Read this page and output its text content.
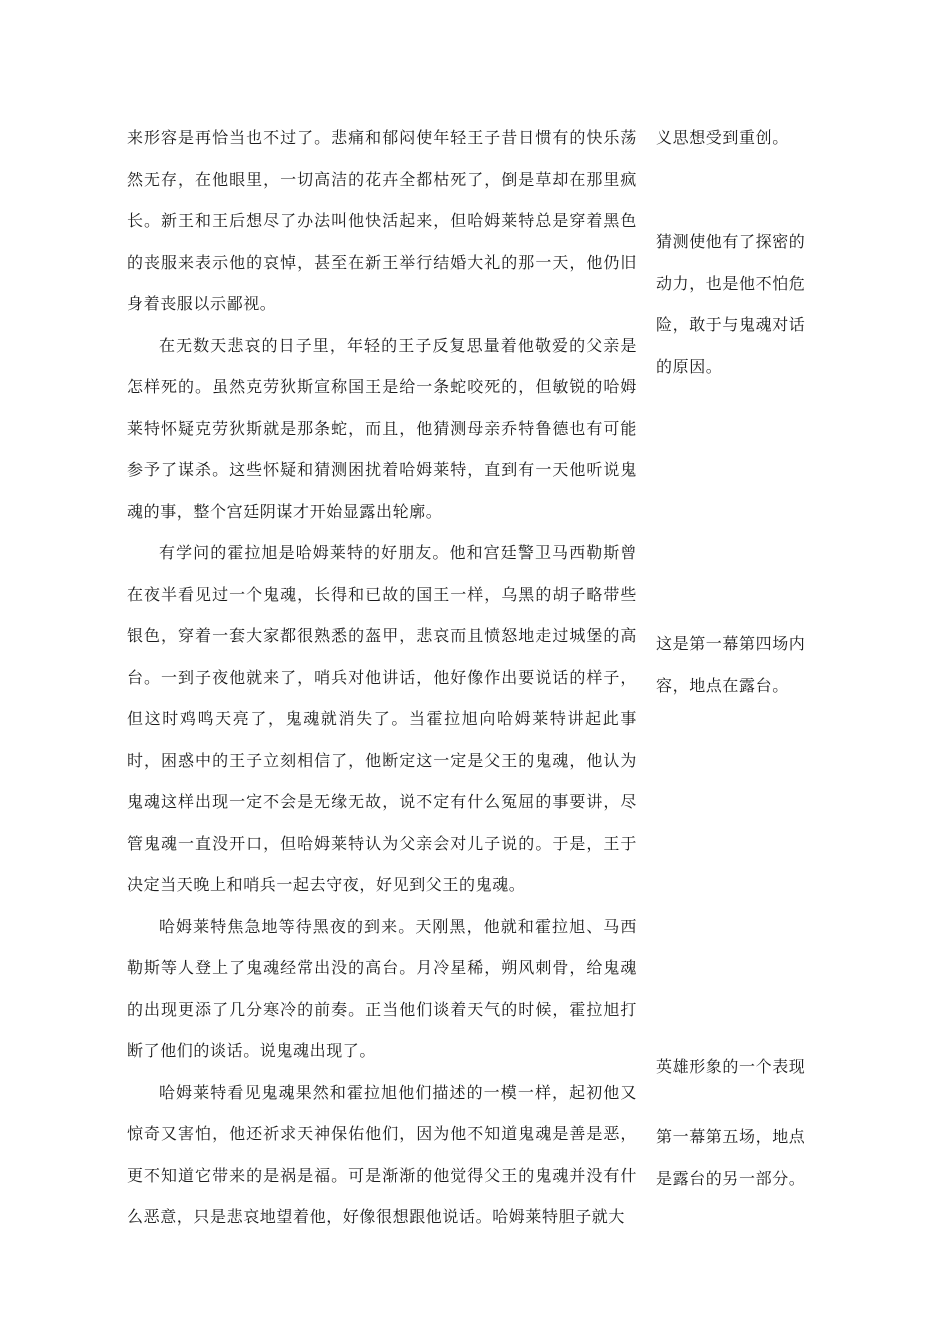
来形容是再恰当也不过了。悲痛和郁闷使年轻王子昔日惯有的快乐荡然无存，在他眼里，一切高洁的花卉全都枯死了，倒是草却在那里疯长。新王和王后想尽了办法叫他快活起来，但哈姆莱特总是穿着黑色的丧服来表示他的哀悼，甚至在新王举行结婚大礼的那一天，他仍旧身着丧服以示鄙视。

在无数天悲哀的日子里，年轻的王子反复思量着他敬爱的父亲是怎样死的。虽然克劳狄斯宣称国王是给一条蛇咬死的，但敏锐的哈姆莱特怀疑克劳狄斯就是那条蛇，而且，他猜测母亲乔特鲁德也有可能参予了谋杀。这些怀疑和猜测困扰着哈姆莱特，直到有一天他听说鬼魂的事，整个宫廷阴谋才开始显露出轮廓。

有学问的霍拉旭是哈姆莱特的好朋友。他和宫廷警卫马西勒斯曾在夜半看见过一个鬼魂，长得和已故的国王一样，乌黑的胡子略带些银色，穿着一套大家都很熟悉的盔甲，悲哀而且愤怒地走过城堡的高台。一到子夜他就来了，哨兵对他讲话，他好像作出要说话的样子，但这时鸡鸣天亮了，鬼魂就消失了。当霍拉旭向哈姆莱特讲起此事时，困惑中的王子立刻相信了，他断定这一定是父王的鬼魂，他认为鬼魂这样出现一定不会是无缘无故，说不定有什么冤屈的事要讲，尽管鬼魂一直没开口，但哈姆莱特认为父亲会对儿子说的。于是，王于决定当天晚上和哨兵一起去守夜，好见到父王的鬼魂。

哈姆莱特焦急地等待黑夜的到来。天刚黑，他就和霍拉旭、马西勒斯等人登上了鬼魂经常出没的高台。月冷星稀，朔风刺骨，给鬼魂的出现更添了几分寒冷的前奏。正当他们谈着天气的时候，霍拉旭打断了他们的谈话。说鬼魂出现了。

哈姆莱特看见鬼魂果然和霍拉旭他们描述的一模一样，起初他又惊奇又害怕，他还祈求天神保佑他们，因为他不知道鬼魂是善是恶，更不知道它带来的是祸是福。可是渐渐的他觉得父王的鬼魂并没有什么恶意，只是悲哀地望着他，好像很想跟他说话。哈姆莱特胆子就大

义思想受到重创。

猜测使他有了探密的动力，也是他不怕危险，敢于与鬼魂对话的原因。

这是第一幕第四场内容，地点在露台。

英雄形象的一个表现

第一幕第五场，地点是露台的另一部分。
